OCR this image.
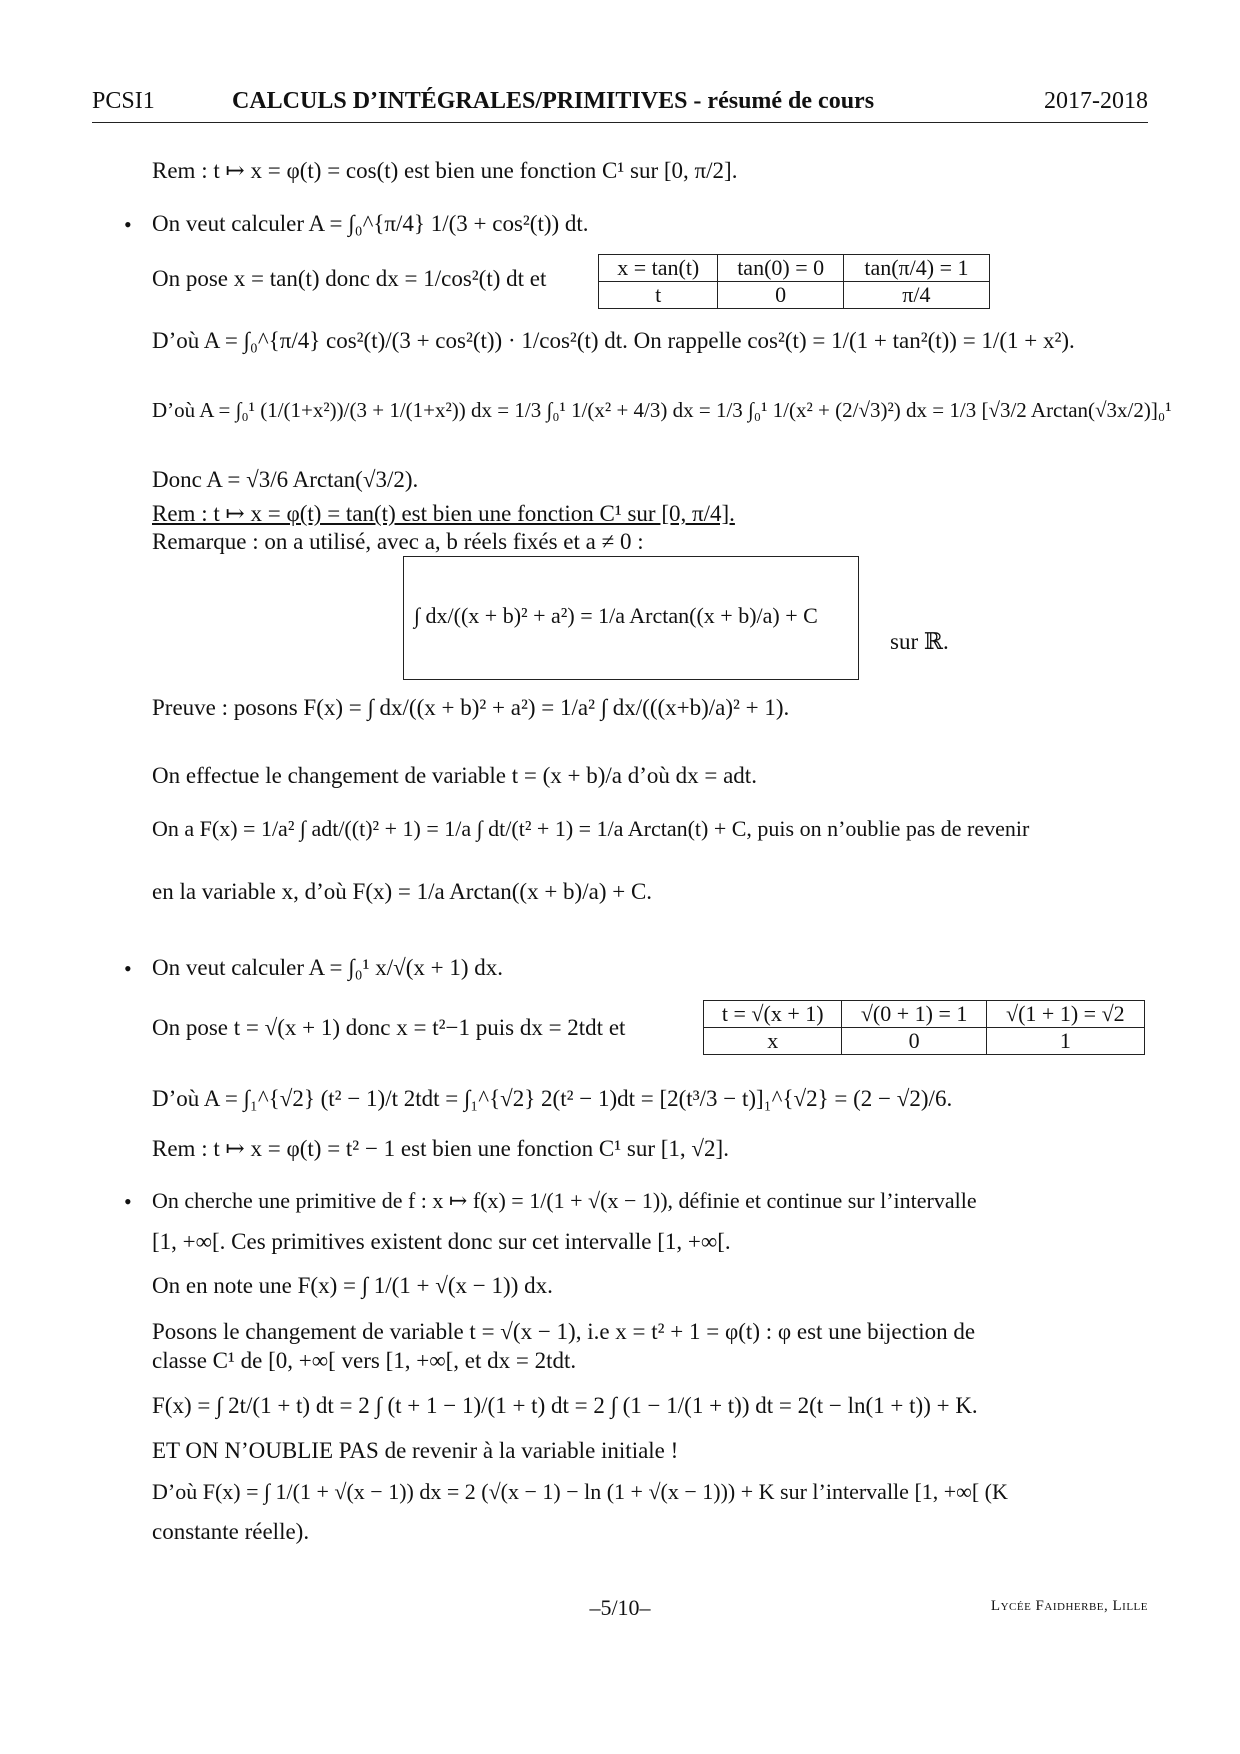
PCSI1	CALCULS D’INTÉGRALES/PRIMITIVES - résumé de cours	2017-2018
Rem : t ↦ x = φ(t) = cos(t) est bien une fonction C¹ sur [0, π/2].
• On veut calculer A = ∫₀^{π/4} 1/(3 + cos²(t)) dt.
On pose x = tan(t) donc dx = 1/cos²(t) dt et	x = tan(t)	tan(0) = 0	tan(π/4) = 1
t	0	π/4
D’où A = ∫₀^{π/4} cos²(t)/(3 + cos²(t)) · 1/cos²(t) dt. On rappelle cos²(t) = 1/(1 + tan²(t)) = 1/(1 + x²).
D’où A = ∫₀¹ (1/(1+x²))/(3 + 1/(1+x²)) dx = 1/3 ∫₀¹ 1/(x² + 4/3) dx = 1/3 ∫₀¹ 1/(x² + (2/√3)²) dx = 1/3 [√3/2 Arctan(√3x/2)]₀¹
Donc A = √3/6 Arctan(√3/2).
Rem : t ↦ x = φ(t) = tan(t) est bien une fonction C¹ sur [0, π/4].
Remarque : on a utilisé, avec a, b réels fixés et a ≠ 0 :
∫ dx/((x + b)² + a²) = 1/a Arctan((x + b)/a) + C
sur ℝ.
Preuve : posons F(x) = ∫ dx/((x + b)² + a²) = 1/a² ∫ dx/(((x+b)/a)² + 1).
On effectue le changement de variable t = (x + b)/a d’où dx = adt.
On a F(x) = 1/a² ∫ adt/((t)² + 1) = 1/a ∫ dt/(t² + 1) = 1/a Arctan(t) + C, puis on n’oublie pas de revenir
en la variable x, d’où F(x) = 1/a Arctan((x + b)/a) + C.
• On veut calculer A = ∫₀¹ x/√(x + 1) dx.
On pose t = √(x + 1) donc x = t²−1 puis dx = 2tdt et
t = √(x + 1)	√(0 + 1) = 1	√(1 + 1) = √2
x	0	1
D’où A = ∫₁^{√2} (t² − 1)/t 2tdt = ∫₁^{√2} 2(t² − 1)dt = [2(t³/3 − t)]₁^{√2} = (2 − √2)/6.
Rem : t ↦ x = φ(t) = t² − 1 est bien une fonction C¹ sur [1, √2].
• On cherche une primitive de f : x ↦ f(x) = 1/(1 + √(x − 1)), définie et continue sur l’intervalle
[1, +∞[. Ces primitives existent donc sur cet intervalle [1, +∞[.
On en note une F(x) = ∫ 1/(1 + √(x − 1)) dx.
Posons le changement de variable t = √(x − 1), i.e x = t² + 1 = φ(t) : φ est une bijection de
classe C¹ de [0, +∞[ vers [1, +∞[, et dx = 2tdt.
F(x) = ∫ 2t/(1 + t) dt = 2 ∫ (t + 1 − 1)/(1 + t) dt = 2 ∫ (1 − 1/(1 + t)) dt = 2(t − ln(1 + t)) + K.
ET ON N’OUBLIE PAS de revenir à la variable initiale !
D’où F(x) = ∫ 1/(1 + √(x − 1)) dx = 2 (√(x − 1) − ln (1 + √(x − 1))) + K sur l’intervalle [1, +∞[ (K
constante réelle).
–5/10–	Lycée Faidherbe, Lille
